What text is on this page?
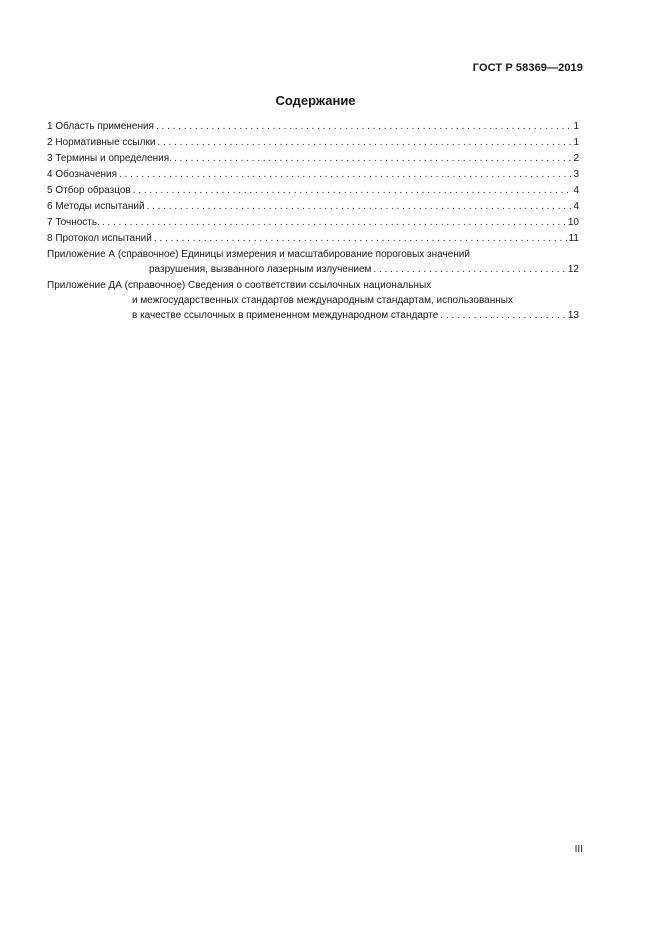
ГОСТ Р 58369—2019
Содержание
1 Область применения . . .	1
2 Нормативные ссылки . . .	1
3 Термины и определения. . . .	2
4 Обозначения . . .	3
5 Отбор образцов . . .	4
6 Методы испытаний . . .	4
7 Точность. . . .	10
8 Протокол испытаний . . .	11
Приложение А (справочное) Единицы измерения и масштабирование пороговых значений
разрушения, вызванного лазерным излучением . . .	12
Приложение ДА (справочное) Сведения о соответствии ссылочных национальных
и межгосударственных стандартов международным стандартам, использованных
в качестве ссылочных в примененном международном стандарте . . .	13
III
